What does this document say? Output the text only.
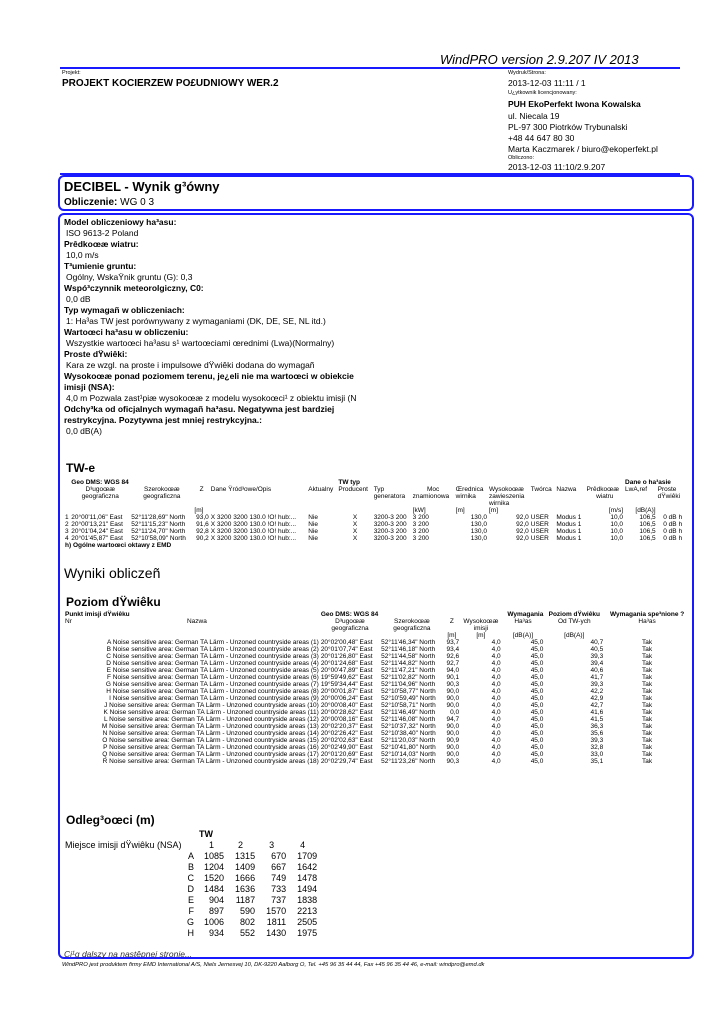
WindPRO version 2.9.207 IV 2013
Projekt:
PROJEKT KOCIERZEW PO£UDNIOWY WER.2
Wydruk/Strona:
2013-12-03 11:11 / 1
U¿ytkownik licencjonowany:
PUH EkoPerfekt Iwona Kowalska
ul. Niecala 19
PL-97 300 Piotrków Trybunalski
+48 44 647 80 30
Marta Kaczmarek / biuro@ekoperfekt.pl
Obliczono:
2013-12-03 11:10/2.9.207
DECIBEL - Wynik g³ówny
Obliczenie: WG 0 3
Model obliczeniowy ha³asu:
ISO 9613-2 Poland
Prêdkoœæ wiatru:
10,0 m/s
T³umienie gruntu:
Ogólny, WskaŸnik gruntu (G): 0,3
Wspó³czynnik meteorolgiczny, C0:
0,0 dB
Typ wymagañ w obliczeniach:
1: Ha³as TW jest porównywany z wymaganiami (DK, DE, SE, NL itd.)
Wartoœci ha³asu w obliczeniu:
Wszystkie wartoœci ha³asu s¹ wartoœciami œrednimi (Lwa)(Normalny)
Proste dŸwiêki:
Kara ze wzgl. na proste i impulsowe dŸwiêki dodana do wymagañ
Wysokoœæ ponad poziomem terenu, je¿eli nie ma wartoœci w obiekcie
imisji (NSA):
4,0 m Pozwala zast¹piæ wysokoœæ z modelu wysokoœci¹ z obiektu imisji (N
Odchy³ka od oficjalnych wymagañ ha³asu. Negatywna jest bardziej
restrykcyjna. Pozytywna jest mniej restrykcyjna.:
0,0 dB(A)
TW-e
	Geo DMS: WGS 84					TW typ								Dane o ha³asie		
	D³ugoœæ	Szerokoœæ	Z	Dane Ÿród³owe/Opis	Aktualny	Producent	Typ	Moc	Œrednica	Wysokoœæ	Twórca	Nazwa	Prêdkoœæ	LwA,ref	Proste	
	geograficzna	geograficzna					generatora	znamionowa	wirnika	zawieszenia			wiatru		dŸwiêki	
										wirnika						
			[m]					[kW]	[m]	[m]			[m/s]	[dB(A)]		
1	20°00'11,06" East	52°11'28,69" North	93,0	X 3200 3200 130.0 !O! hub:...	Nie	X	3200-3 200	3 200	130,0	92,0	USER	Modus 1	10,0	106,5	0 dB	h
2	20°00'13,21" East	52°11'15,23" North	91,6	X 3200 3200 130.0 !O! hub:...	Nie	X	3200-3 200	3 200	130,0	92,0	USER	Modus 1	10,0	106,5	0 dB	h
3	20°01'04,24" East	52°11'24,70" North	92,8	X 3200 3200 130.0 !O! hub:...	Nie	X	3200-3 200	3 200	130,0	92,0	USER	Modus 1	10,0	106,5	0 dB	h
4	20°01'45,87" East	52°10'58,09" North	90,2	X 3200 3200 130.0 !O! hub:...	Nie	X	3200-3 200	3 200	130,0	92,0	USER	Modus 1	10,0	106,5	0 dB	h
h) Ogólne wartoœci oktawy z EMD																
Wyniki obliczeñ
Poziom dŸwiêku
Punkt imisji dŸwiêku		Geo DMS: WGS 84				Wymagania	Poziom dŸwiêku	Wymagania spe³nione ?
Nr	Nazwa	D³ugoœæ	Szerokoœæ	Z	Wysokoœæ	Ha³as	Od TW-ych	Ha³as
		geograficzna	geograficzna		imisji			
				[m]	[m]	[dB(A)]	[dB(A)]	
	A Noise sensitive area: German TA Lärm - Unzoned countryside areas (1)	20°02'00,48" East	52°11'46,34" North	93,7	4,0	45,0	40,7	Tak
	B Noise sensitive area: German TA Lärm - Unzoned countryside areas (2)	20°01'07,74" East	52°11'46,18" North	93,4	4,0	45,0	40,5	Tak
	C Noise sensitive area: German TA Lärm - Unzoned countryside areas (3)	20°01'26,80" East	52°11'44,58" North	92,6	4,0	45,0	39,3	Tak
	D Noise sensitive area: German TA Lärm - Unzoned countryside areas (4)	20°01'24,68" East	52°11'44,82" North	92,7	4,0	45,0	39,4	Tak
	E Noise sensitive area: German TA Lärm - Unzoned countryside areas (5)	20°00'47,89" East	52°11'47,21" North	94,0	4,0	45,0	40,6	Tak
	F Noise sensitive area: German TA Lärm - Unzoned countryside areas (6)	19°59'49,62" East	52°11'02,82" North	90,1	4,0	45,0	41,7	Tak
	G Noise sensitive area: German TA Lärm - Unzoned countryside areas (7)	19°59'34,44" East	52°11'04,96" North	90,3	4,0	45,0	39,3	Tak
	H Noise sensitive area: German TA Lärm - Unzoned countryside areas (8)	20°00'01,87" East	52°10'58,77" North	90,0	4,0	45,0	42,2	Tak
	I Noise sensitive area: German TA Lärm - Unzoned countryside areas (9)	20°00'06,24" East	52°10'59,49" North	90,0	4,0	45,0	42,9	Tak
	J Noise sensitive area: German TA Lärm - Unzoned countryside areas (10)	20°00'08,40" East	52°10'58,71" North	90,0	4,0	45,0	42,7	Tak
	K Noise sensitive area: German TA Lärm - Unzoned countryside areas (11)	20°00'28,62" East	52°11'46,49" North	0,0	4,0	45,0	41,6	Tak
	L Noise sensitive area: German TA Lärm - Unzoned countryside areas (12)	20°00'08,16" East	52°11'46,08" North	94,7	4,0	45,0	41,5	Tak
	M Noise sensitive area: German TA Lärm - Unzoned countryside areas (13)	20°02'20,37" East	52°10'37,32" North	90,0	4,0	45,0	36,3	Tak
	N Noise sensitive area: German TA Lärm - Unzoned countryside areas (14)	20°02'26,42" East	52°10'38,40" North	90,0	4,0	45,0	35,6	Tak
	O Noise sensitive area: German TA Lärm - Unzoned countryside areas (15)	20°02'02,63" East	52°11'20,03" North	90,9	4,0	45,0	39,3	Tak
	P Noise sensitive area: German TA Lärm - Unzoned countryside areas (16)	20°02'49,90" East	52°10'41,80" North	90,0	4,0	45,0	32,8	Tak
	Q Noise sensitive area: German TA Lärm - Unzoned countryside areas (17)	20°01'20,69" East	52°10'14,03" North	90,0	4,0	45,0	33,0	Tak
	R Noise sensitive area: German TA Lärm - Unzoned countryside areas (18)	20°02'29,74" East	52°11'23,26" North	90,3	4,0	45,0	35,1	Tak
Odleg³oœci (m)
		TW			
Miejsce imisji dŸwiêku (NSA)		1	2	3	4
	A	1085	1315	670	1709
	B	1204	1409	667	1642
	C	1520	1666	749	1478
	D	1484	1636	733	1494
	E	904	1187	737	1838
	F	897	590	1570	2213
	G	1006	802	1811	2505
	H	934	552	1430	1975
Ci¹g dalszy na nastêpnej stronie...
WindPRO jest produktem firmy EMD International A/S, Niels Jernesvej 10, DK-9220 Aalborg O, Tel. +45 96 35 44 44, Fax +45 96 35 44 46, e-mail: windpro@emd.dk
